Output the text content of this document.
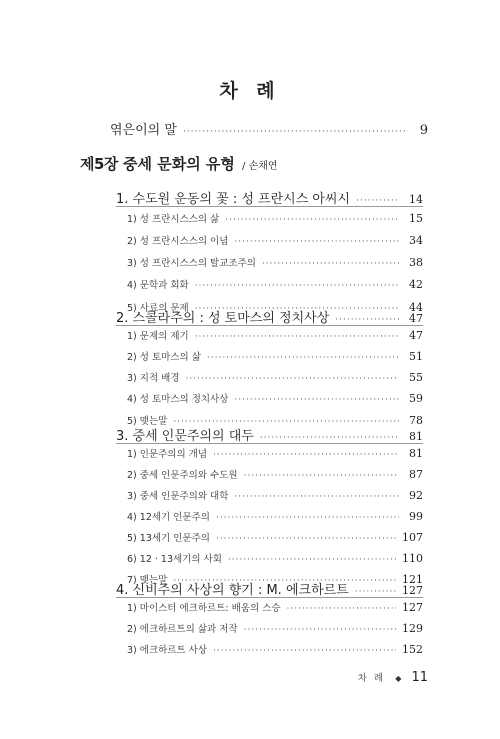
차 례
엮은이의 말 ·····	9
제5장 중세 문화의 유형 / 손채연
1. 수도원 운동의 꽃 : 성 프란시스 아씨시 ·····	14
1) 성 프란시스스의 삶 ·····	15
2) 성 프란시스스의 이념 ·····	34
3) 성 프란시스스의 탈교조주의 ·····	38
4) 문학과 회화 ·····	42
5) 사료의 문제 ·····	44
2. 스콜라주의 : 성 토마스의 정치사상 ·····	47
1) 문제의 제기 ·····	47
2) 성 토마스의 삶 ·····	51
3) 지적 배경 ·····	55
4) 성 토마스의 정치사상 ·····	59
5) 맺는말 ·····	78
3. 중세 인문주의의 대두 ·····	81
1) 인문주의의 개념 ·····	81
2) 중세 인문주의와 수도원 ·····	87
3) 중세 인문주의와 대학 ·····	92
4) 12세기 인문주의 ·····	99
5) 13세기 인문주의 ·····	107
6) 12 · 13세기의 사회 ·····	110
7) 맺는말 ·····	121
4. 신비주의 사상의 향기 : M. 에크하르트 ·····	127
1) 마이스터 에크하르트: 배움의 스승 ·····	127
2) 에크하르트의 삶과 저작 ·····	129
3) 에크하르트 사상 ·····	152
차 례 ◆ 11
